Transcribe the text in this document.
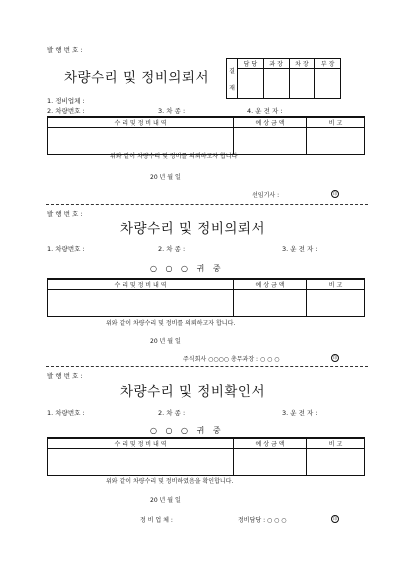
발 행 번 호 :
차량수리 및 정비의뢰서	결
재	담 당	과 장	차 장	부 장

1. 정비업체 :
2. 차량번호 :	3. 차 종 :	4. 운 전 자 :
수 리 및 정 비 내 역	예 상 금 액	비 고

위와 같이 차량수리 및 정비를 의뢰하고자 합니다
20 년 월 일
선임기사 :	印
발 행 번 호 :
차량수리 및 정비의뢰서
1. 차량번호 :	2. 차 종 :	3. 운 전 자 :
○ ○ ○ 귀 중
수 리 및 정 비 내 역	예 상 금 액	비 고

위와 같이 차량수리 및 정비를 의뢰하고자 합니다.
20 년 월 일
주식회사 ○○○○ 총무과장 : ○ ○ ○	印
발 행 번 호 :
차량수리 및 정비확인서
1. 차량번호 :	2. 차 종 :	3. 운 전 자 :
○ ○ ○ 귀 중
수 리 및 정 비 내 역	예 상 금 액	비 고

위와 같이 차량수리 및 정비하였음을 확인합니다.
20 년 월 일
정 비 업 체 :	정비담당 : ○ ○ ○	印
